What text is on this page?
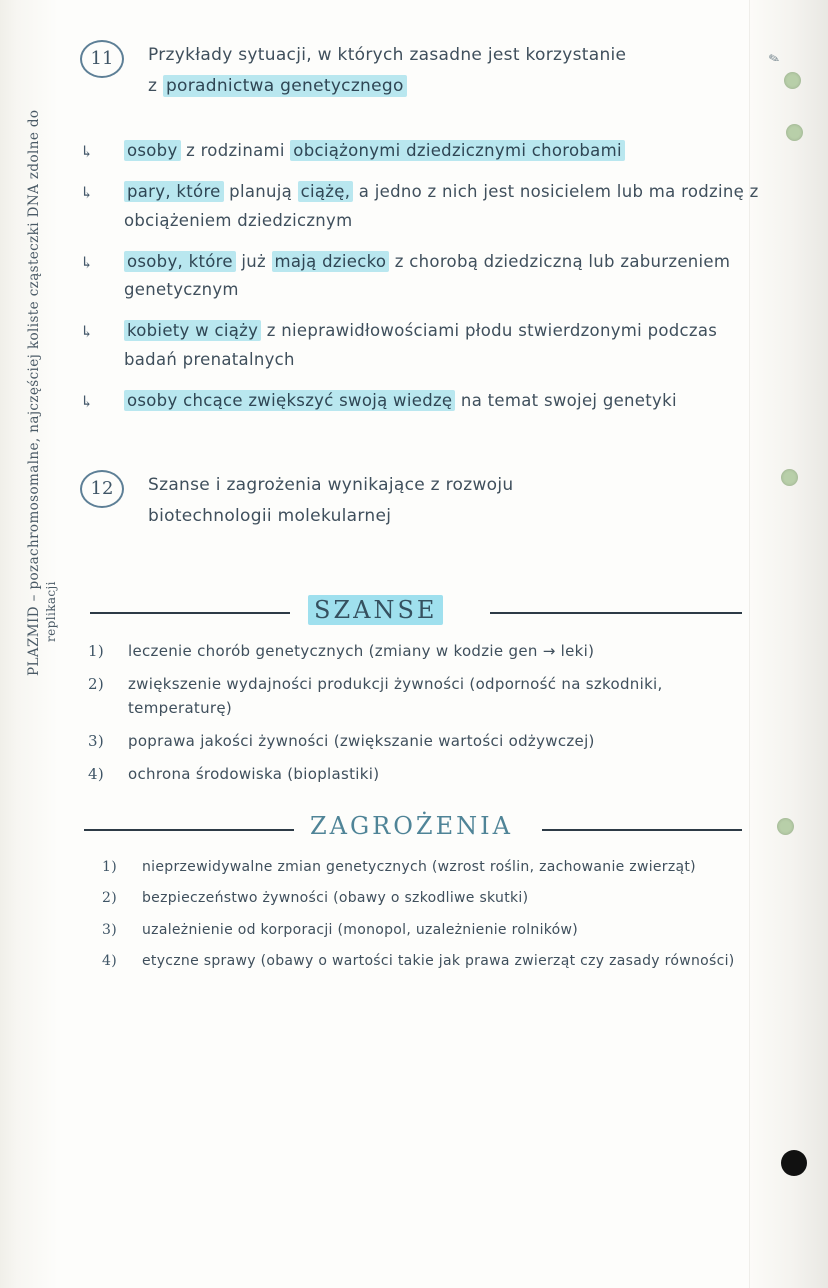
✎
PLAZMID – pozachromosomalne, najczęściej koliste cząsteczki DNA zdolne do replikacji
11	Przykłady sytuacji, w których zasadne jest korzystanie
z poradnictwa genetycznego
↳ osoby z rodzinami obciążonymi dziedzicznymi chorobami
↳ pary, które planują ciążę, a jedno z nich jest nosicielem lub ma rodzinę z obciążeniem dziedzicznym
↳ osoby, które już mają dziecko z chorobą dziedziczną lub zaburzeniem genetycznym
↳ kobiety w ciąży z nieprawidłowościami płodu stwierdzonymi podczas badań prenatalnych
↳ osoby chcące zwiększyć swoją wiedzę na temat swojej genetyki
12	Szanse i zagrożenia wynikające z rozwoju
biotechnologii molekularnej
SZANSE
1) leczenie chorób genetycznych (zmiany w kodzie gen → leki)
2) zwiększenie wydajności produkcji żywności (odporność na szkodniki, temperaturę)
3) poprawa jakości żywności (zwiększanie wartości odżywczej)
4) ochrona środowiska (bioplastiki)
ZAGROŻENIA
1) nieprzewidywalne zmian genetycznych (wzrost roślin, zachowanie zwierząt)
2) bezpieczeństwo żywności (obawy o szkodliwe skutki)
3) uzależnienie od korporacji (monopol, uzależnienie rolników)
4) etyczne sprawy (obawy o wartości takie jak prawa zwierząt czy zasady równości)
